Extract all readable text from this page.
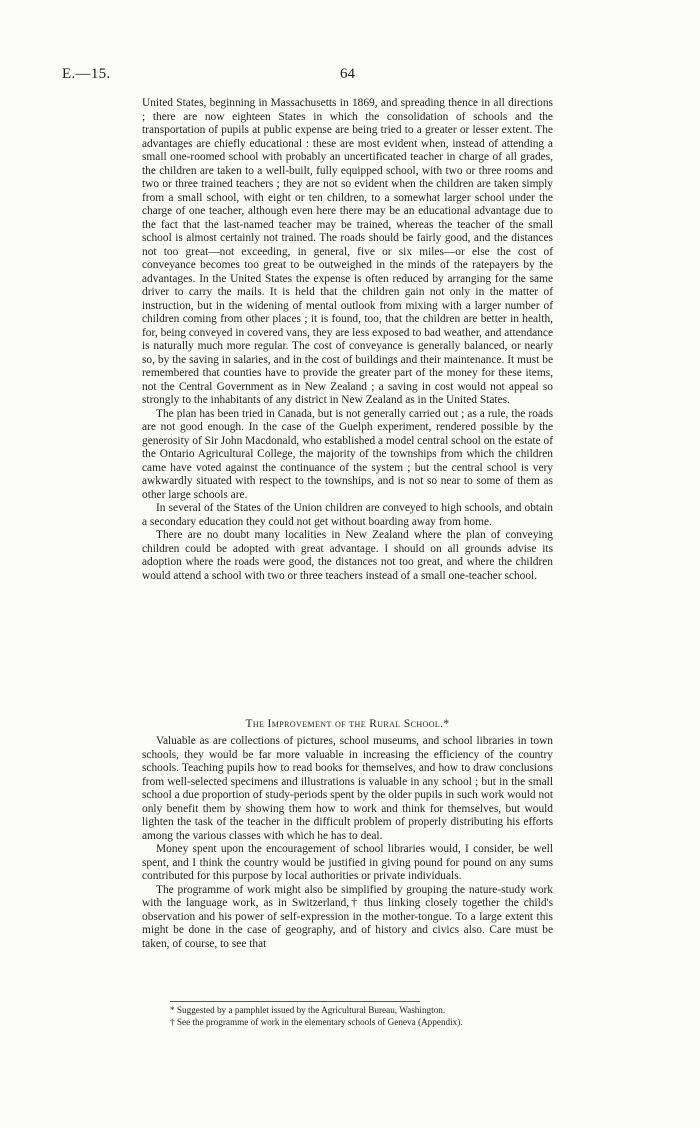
E.—15.	64

United States, beginning in Massachusetts in 1869, and spreading thence in all directions ; there are now eighteen States in which the consolidation of schools and the transportation of pupils at public expense are being tried to a greater or lesser extent. The advantages are chiefly educational : these are most evident when, instead of attending a small one-roomed school with probably an uncertificated teacher in charge of all grades, the children are taken to a well-built, fully equipped school, with two or three rooms and two or three trained teachers ; they are not so evident when the children are taken simply from a small school, with eight or ten children, to a somewhat larger school under the charge of one teacher, although even here there may be an educational advantage due to the fact that the last-named teacher may be trained, whereas the teacher of the small school is almost certainly not trained. The roads should be fairly good, and the distances not too great—not exceeding, in general, five or six miles—or else the cost of conveyance becomes too great to be outweighed in the minds of the ratepayers by the advantages. In the United States the expense is often reduced by arranging for the same driver to carry the mails. It is held that the children gain not only in the matter of instruction, but in the widening of mental outlook from mixing with a larger number of children coming from other places ; it is found, too, that the children are better in health, for, being conveyed in covered vans, they are less exposed to bad weather, and attendance is naturally much more regular. The cost of conveyance is generally balanced, or nearly so, by the saving in salaries, and in the cost of buildings and their maintenance. It must be remembered that counties have to provide the greater part of the money for these items, not the Central Government as in New Zealand ; a saving in cost would not appeal so strongly to the inhabitants of any district in New Zealand as in the United States.

The plan has been tried in Canada, but is not generally carried out ; as a rule, the roads are not good enough. In the case of the Guelph experiment, rendered possible by the generosity of Sir John Macdonald, who established a model central school on the estate of the Ontario Agricultural College, the majority of the townships from which the children came have voted against the continuance of the system ; but the central school is very awkwardly situated with respect to the townships, and is not so near to some of them as other large schools are.

In several of the States of the Union children are conveyed to high schools, and obtain a secondary education they could not get without boarding away from home.

There are no doubt many localities in New Zealand where the plan of conveying children could be adopted with great advantage. I should on all grounds advise its adoption where the roads were good, the distances not too great, and where the children would attend a school with two or three teachers instead of a small one-teacher school.

The Improvement of the Rural School.*

Valuable as are collections of pictures, school museums, and school libraries in town schools, they would be far more valuable in increasing the efficiency of the country schools. Teaching pupils how to read books for themselves, and how to draw conclusions from well-selected specimens and illustrations is valuable in any school ; but in the small school a due proportion of study-periods spent by the older pupils in such work would not only benefit them by showing them how to work and think for themselves, but would lighten the task of the teacher in the difficult problem of properly distributing his efforts among the various classes with which he has to deal.

Money spent upon the encouragement of school libraries would, I consider, be well spent, and I think the country would be justified in giving pound for pound on any sums contributed for this purpose by local authorities or private individuals.

The programme of work might also be simplified by grouping the nature-study work with the language work, as in Switzerland,† thus linking closely together the child's observation and his power of self-expression in the mother-tongue. To a large extent this might be done in the case of geography, and of history and civics also. Care must be taken, of course, to see that

* Suggested by a pamphlet issued by the Agricultural Bureau, Washington.

† See the programme of work in the elementary schools of Geneva (Appendix).
